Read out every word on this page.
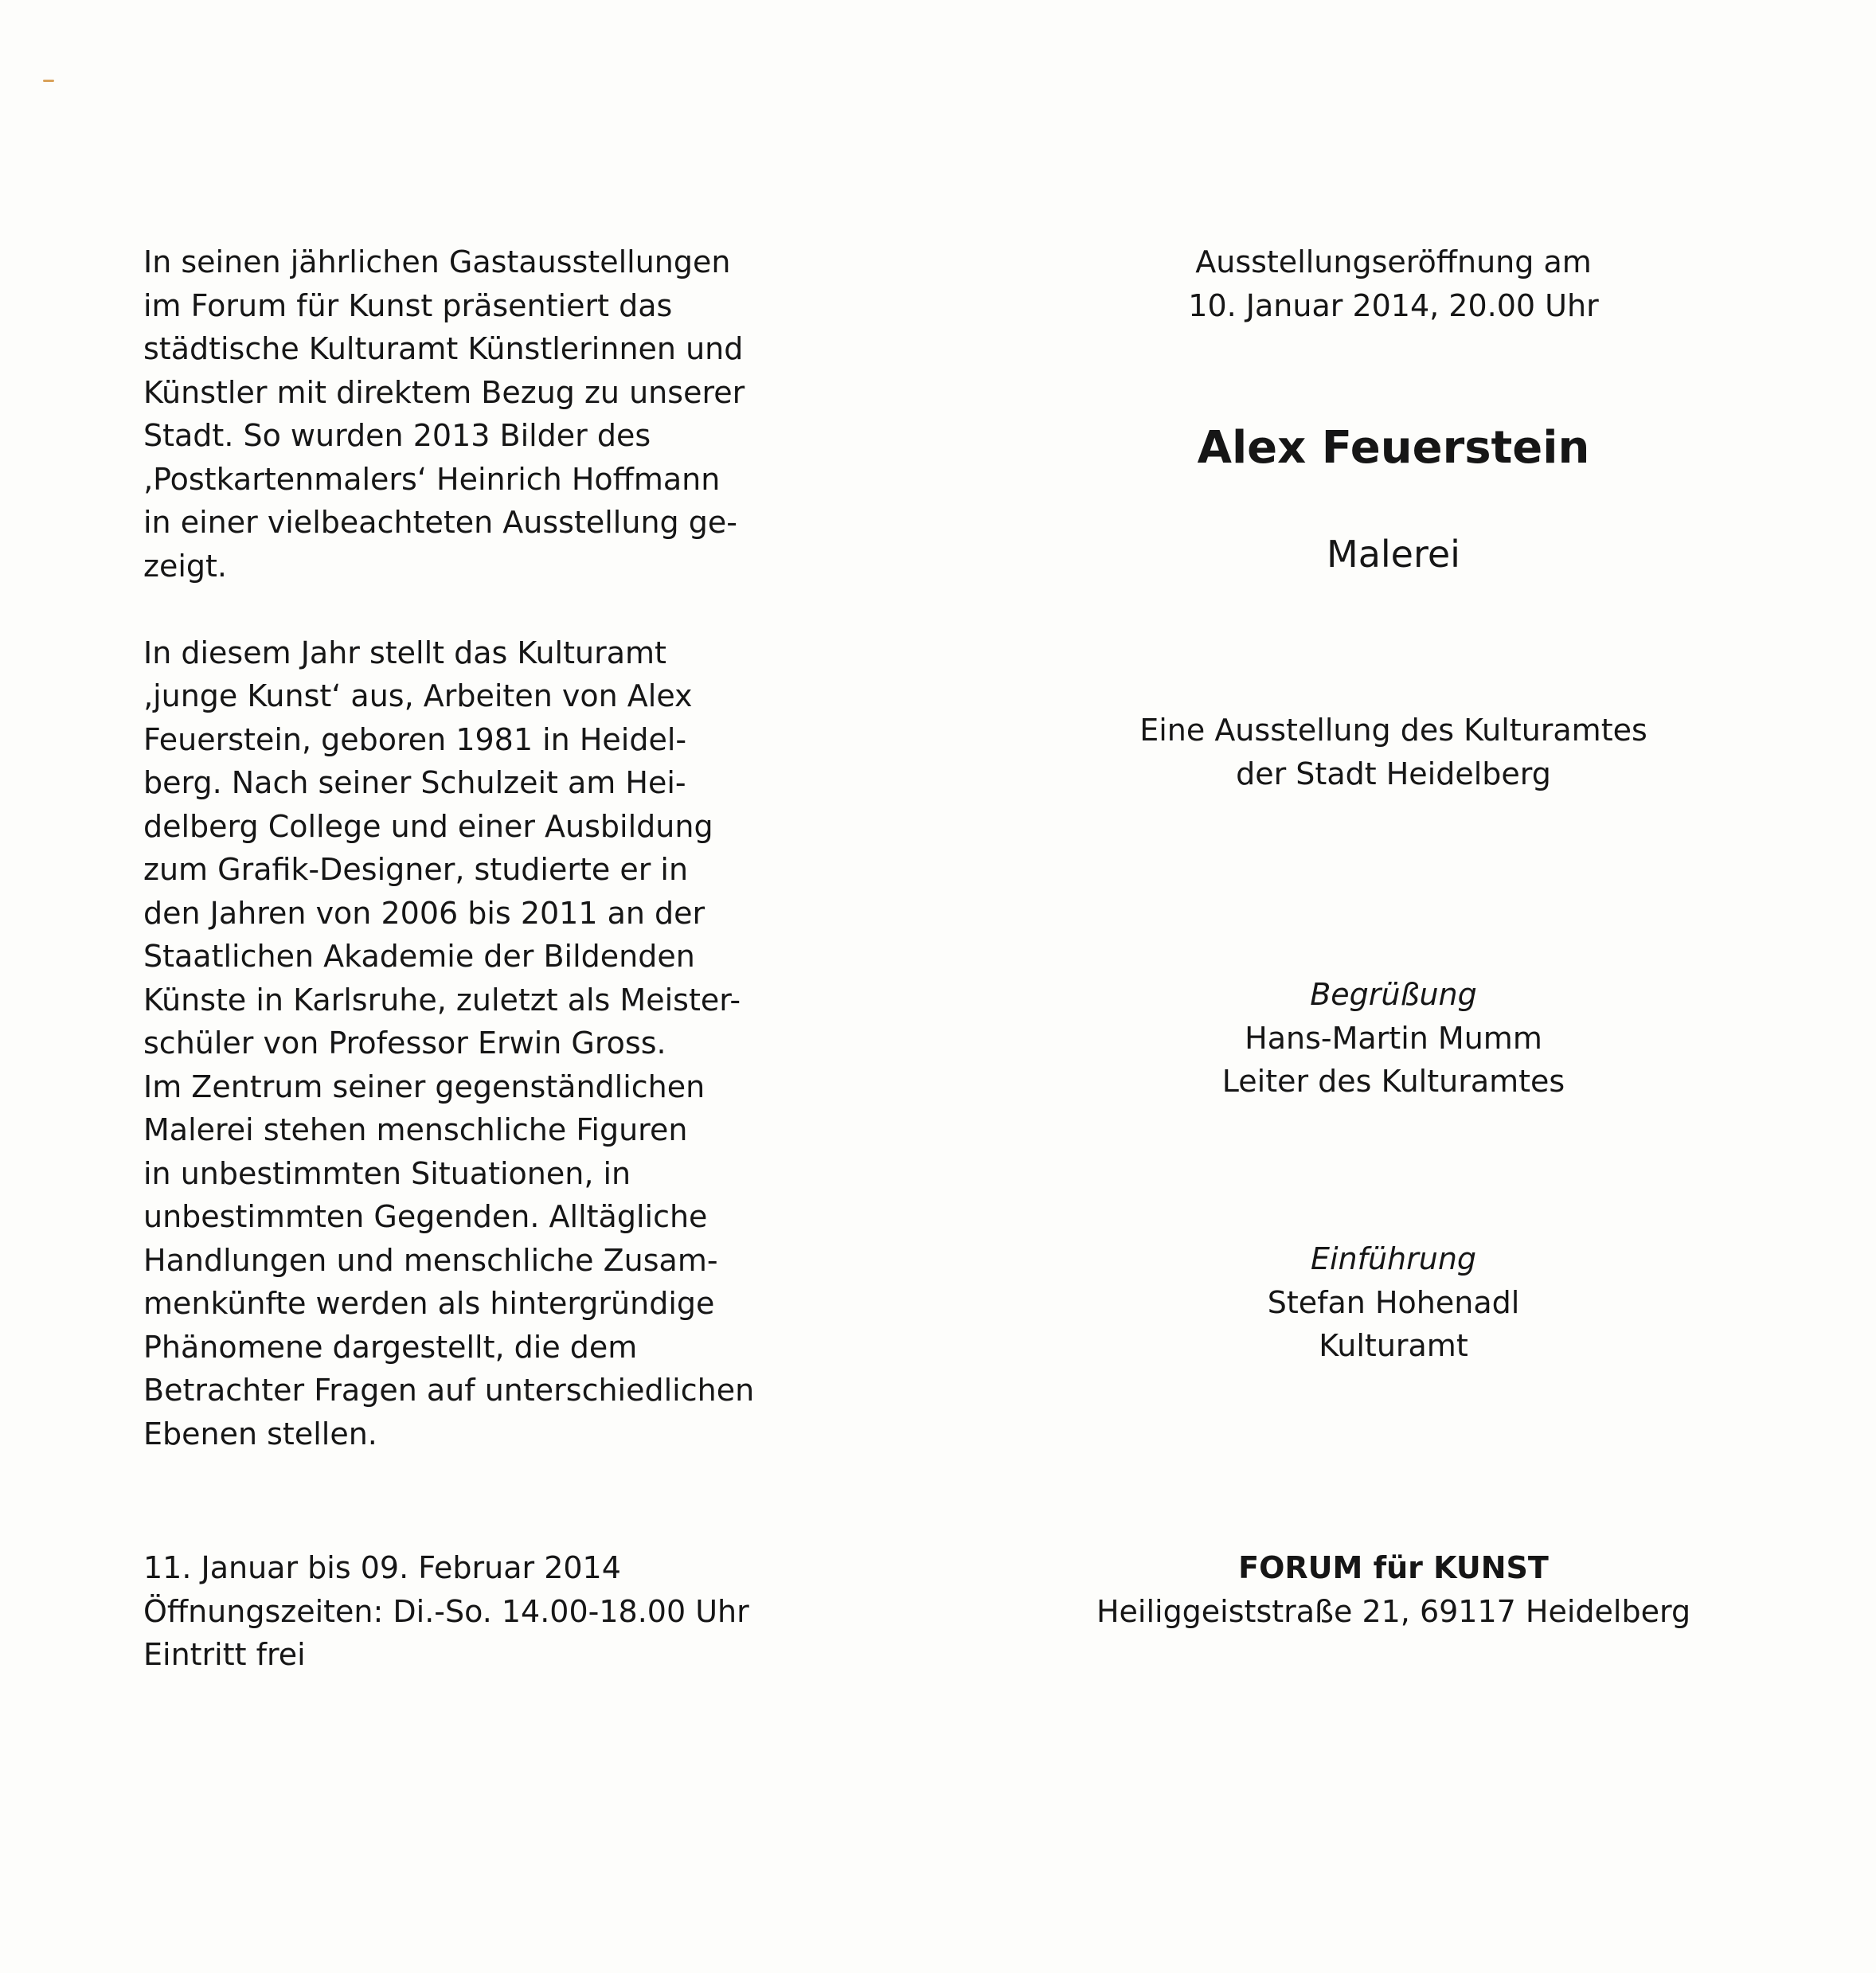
In seinen jährlichen Gastausstellungen
im Forum für Kunst präsentiert das
städtische Kulturamt Künstlerinnen und
Künstler mit direktem Bezug zu unserer
Stadt. So wurden 2013 Bilder des
‚Postkartenmalers‘ Heinrich Hoffmann
in einer vielbeachteten Ausstellung ge-
zeigt.
In diesem Jahr stellt das Kulturamt
‚junge Kunst‘ aus, Arbeiten von Alex
Feuerstein, geboren 1981 in Heidel-
berg. Nach seiner Schulzeit am Hei-
delberg College und einer Ausbildung
zum Grafik-Designer, studierte er in
den Jahren von 2006 bis 2011 an der
Staatlichen Akademie der Bildenden
Künste in Karlsruhe, zuletzt als Meister-
schüler von Professor Erwin Gross.
Im Zentrum seiner gegenständlichen
Malerei stehen menschliche Figuren
in unbestimmten Situationen, in
unbestimmten Gegenden. Alltägliche
Handlungen und menschliche Zusam-
menkünfte werden als hintergründige
Phänomene dargestellt, die dem
Betrachter Fragen auf unterschiedlichen
Ebenen stellen.
11. Januar bis 09. Februar 2014
Öffnungszeiten: Di.-So. 14.00-18.00 Uhr
Eintritt frei
Ausstellungseröffnung am
10. Januar 2014, 20.00 Uhr
Alex Feuerstein
Malerei
Eine Ausstellung des Kulturamtes
der Stadt Heidelberg
Begrüßung
Hans-Martin Mumm
Leiter des Kulturamtes
Einführung
Stefan Hohenadl
Kulturamt
FORUM für KUNST
Heiliggeiststraße 21, 69117 Heidelberg
